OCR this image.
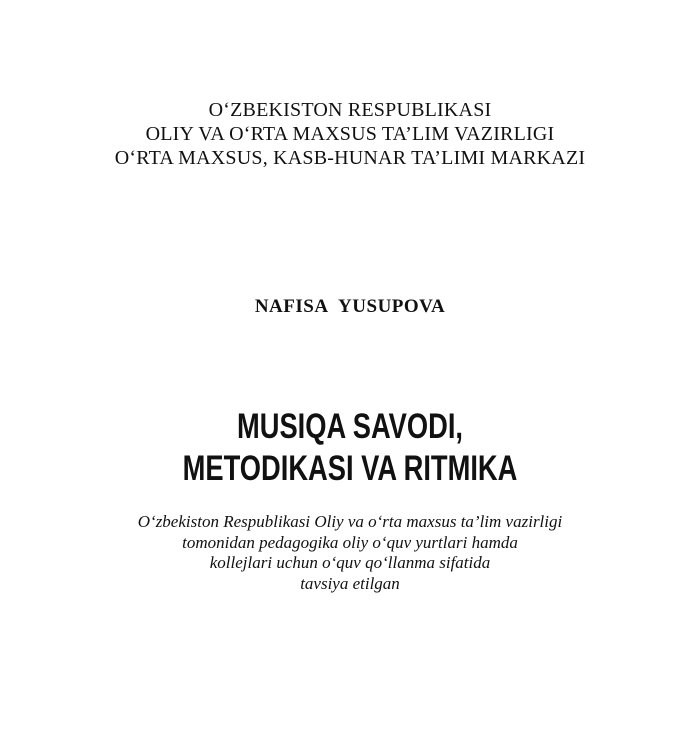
O‘ZBEKISTON RESPUBLIKASI
OLIY VA O‘RTA MAXSUS TA’LIM VAZIRLIGI
O‘RTA MAXSUS, KASB-HUNAR TA’LIMI MARKAZI
NAFISA YUSUPOVA
MUSIQA SAVODI,
METODIKASI VA RITMIKA
O‘zbekiston Respublikasi Oliy va o‘rta maxsus ta’lim vazirligi
tomonidan pedagogika oliy o‘quv yurtlari hamda
kollejlari uchun o‘quv qo‘llanma sifatida
tavsiya etilgan
